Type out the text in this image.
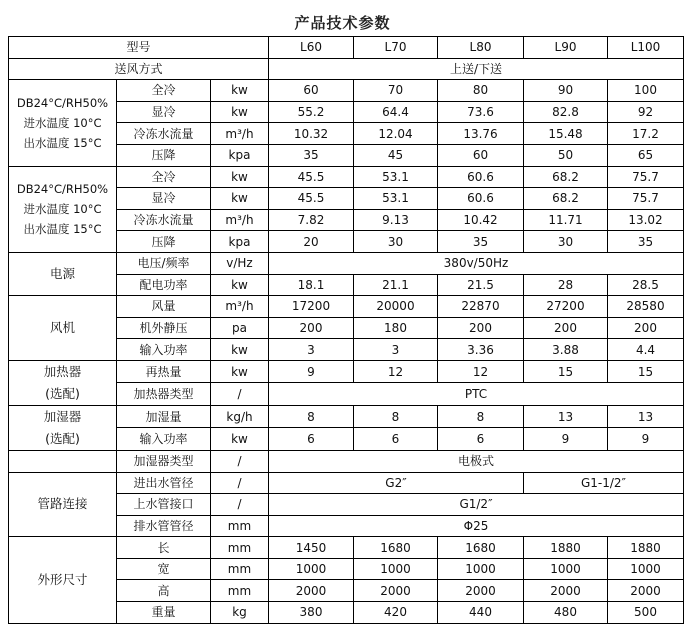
产品技术参数
型号			L60	L70	L80	L90	L100
送风方式			上送/下送				
DB24°C/RH50%
进水温度 10°C
出水温度 15°C	全冷	kw	60	70	80	90	100
	显冷	kw	55.2	64.4	73.6	82.8	92
	冷冻水流量	m³/h	10.32	12.04	13.76	15.48	17.2
	压降	kpa	35	45	60	50	65
DB24°C/RH50%
进水温度 10°C
出水温度 15°C	全冷	kw	45.5	53.1	60.6	68.2	75.7
	显冷	kw	45.5	53.1	60.6	68.2	75.7
	冷冻水流量	m³/h	7.82	9.13	10.42	11.71	13.02
	压降	kpa	20	30	35	30	35
电源	电压/频率	v/Hz	380v/50Hz				
	配电功率	kw	18.1	21.1	21.5	28	28.5
风机	风量	m³/h	17200	20000	22870	27200	28580
	机外静压	pa	200	180	200	200	200
	输入功率	kw	3	3	3.36	3.88	4.4
加热器
(选配)	再热量	kw	9	12	12	15	15
	加热器类型	/	PTC				
加湿器
(选配)	加湿量	kg/h	8	8	8	13	13
	输入功率	kw	6	6	6	9	9
	加湿器类型	/	电极式				
管路连接	进出水管径	/	G2″			G1-1/2″	
	上水管接口	/	G1/2″				
	排水管管径	mm	Φ25				
外形尺寸	长	mm	1450	1680	1680	1880	1880
	宽	mm	1000	1000	1000	1000	1000
	高	mm	2000	2000	2000	2000	2000
	重量	kg	380	420	440	480	500
